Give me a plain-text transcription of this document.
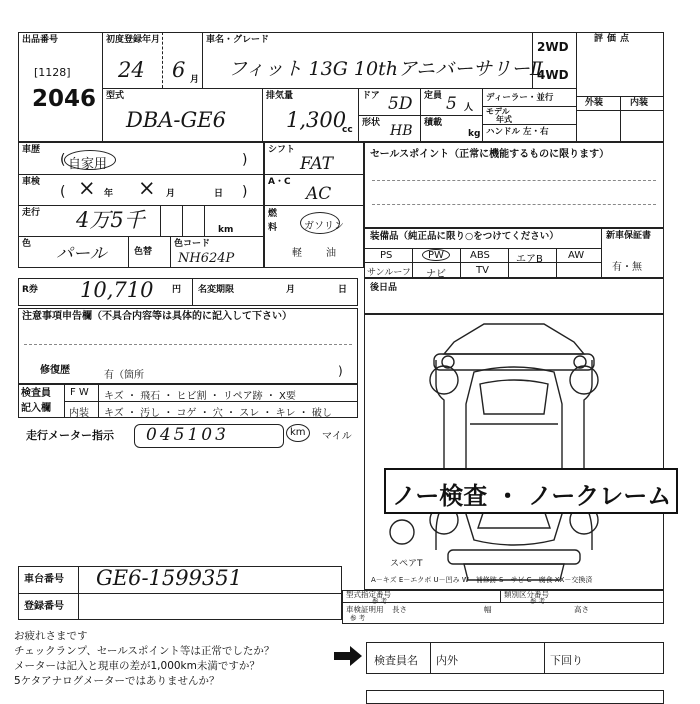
出品番号
[1128]
2046
初度登録年月
24 6 月
車名・グレード
フィット 13G 10thアニバーサリーⅡ
2WD
4WD
評価点
型式
DBA-GE6
排気量
1,300
cc
ドア 5D
形状 HB
定員 5 人
積載
kg
ディーラー・並行
モデル
年式
ハンドル 左・右
外装	内装
車歴
( 自家用	)
車検
( × 年 × 月	日 )
走行 4万5千	km
色 パール	色替
色コード
NH624P
シフト
FAT
A・C
AC
燃
料	ガソリン
軽 油
セールスポイント（正常に機能するものに限ります）
装備品（純正品に限り○をつけてください）	新車保証書
有・無
PS	PW	ABS	エアB	AW
サンルーフ ナビ	TV
R券 10,710 円 名変期限	月	日	後日品
注意事項申告欄（不具合内容等は具体的に記入して下さい）
修復歴	有（箇所	)
検査員
記入欄
F W キズ ・ 飛石 ・ ヒビ割 ・ リペア跡 ・ X要
内装 キズ ・ 汚し ・ コゲ ・ 穴 ・ スレ ・ キレ ・ 破し
走行メーター指示 045103	km マイル
ノー検査 ・ ノークレーム
スペアT
A－キズ E－エクボ U－凹み W－補修跡 S－サビ C－腐食 XX－交換済
車台番号 GE6-1599351
登録番号
型式指定番号
参 考
類別区分番号
参 考
車検証明用
参 考
長さ	幅	高さ
お疲れさまです
チェックランプ、セールスポイント等は正常でしたか？
メーターは記入と現車の差が1,000km未満ですか？
5ケタアナログメーターではありませんか？
検査員名 内外	下回り
